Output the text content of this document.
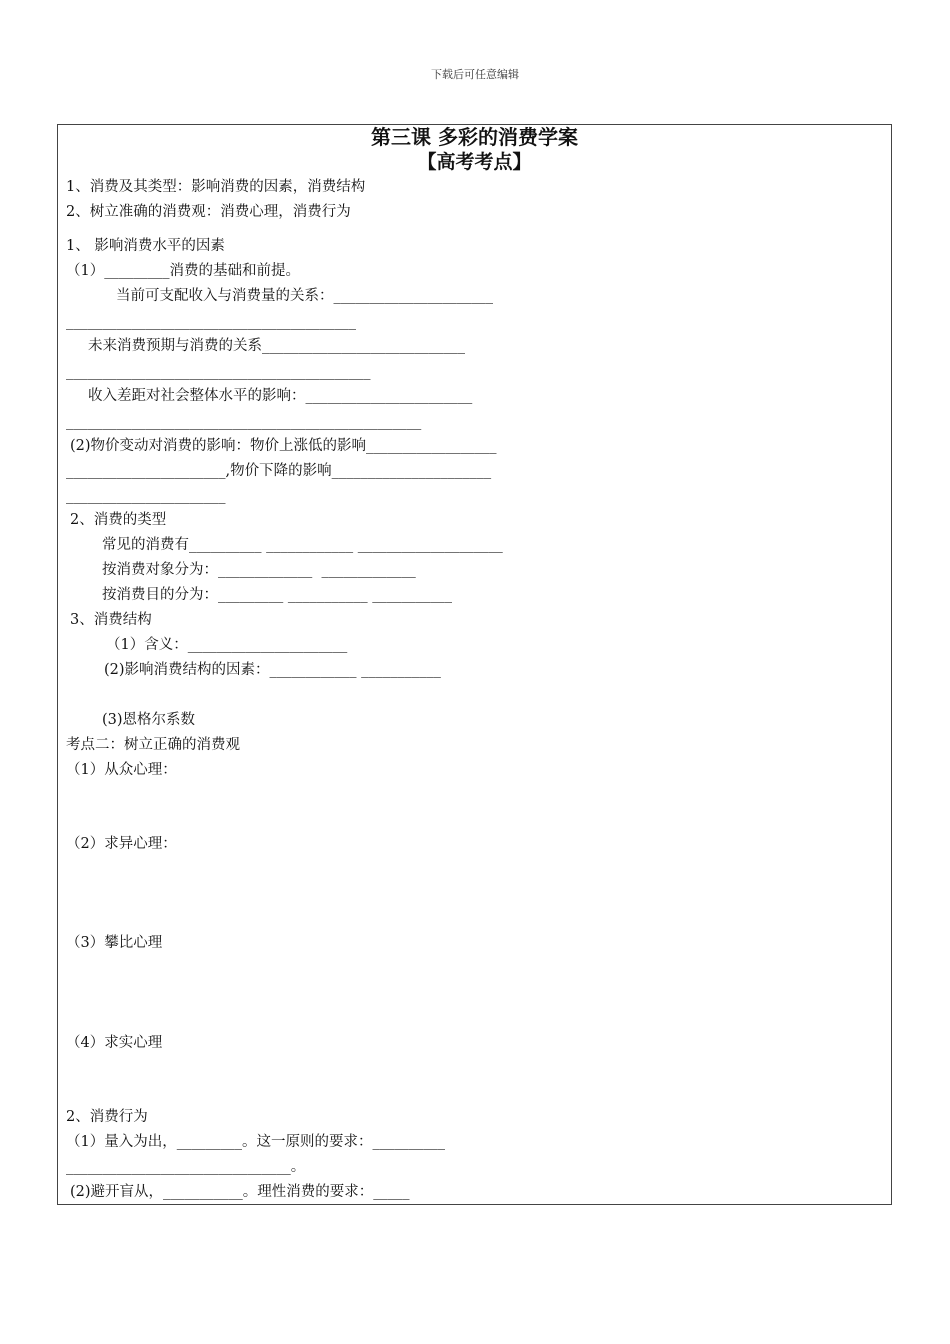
下载后可任意编辑
第三课 多彩的消费学案
【高考考点】
1、消费及其类型：影响消费的因素，消费结构
2、树立准确的消费观：消费心理，消费行为
1、 影响消费水平的因素
（1）_________消费的基础和前提。
当前可支配收入与消费量的关系：______________________
________________________________________
未来消费预期与消费的关系____________________________
__________________________________________
收入差距对社会整体水平的影响：_______________________
_________________________________________________
(2)物价变动对消费的影响：物价上涨低的影响__________________
______________________,物价下降的影响______________________
______________________
2、消费的类型
常见的消费有__________ ____________ ____________________
按消费对象分为：_____________  _____________
按消费目的分为：_________ ___________ ___________
3、消费结构
（1）含义：______________________
(2)影响消费结构的因素：____________ ___________
(3)恩格尔系数
考点二：树立正确的消费观
（1）从众心理：
（2）求异心理：
（3）攀比心理
（4）求实心理
2、消费行为
（1）量入为出，_________。这一原则的要求：__________
_______________________________。
(2)避开盲从，___________。理性消费的要求：_____
